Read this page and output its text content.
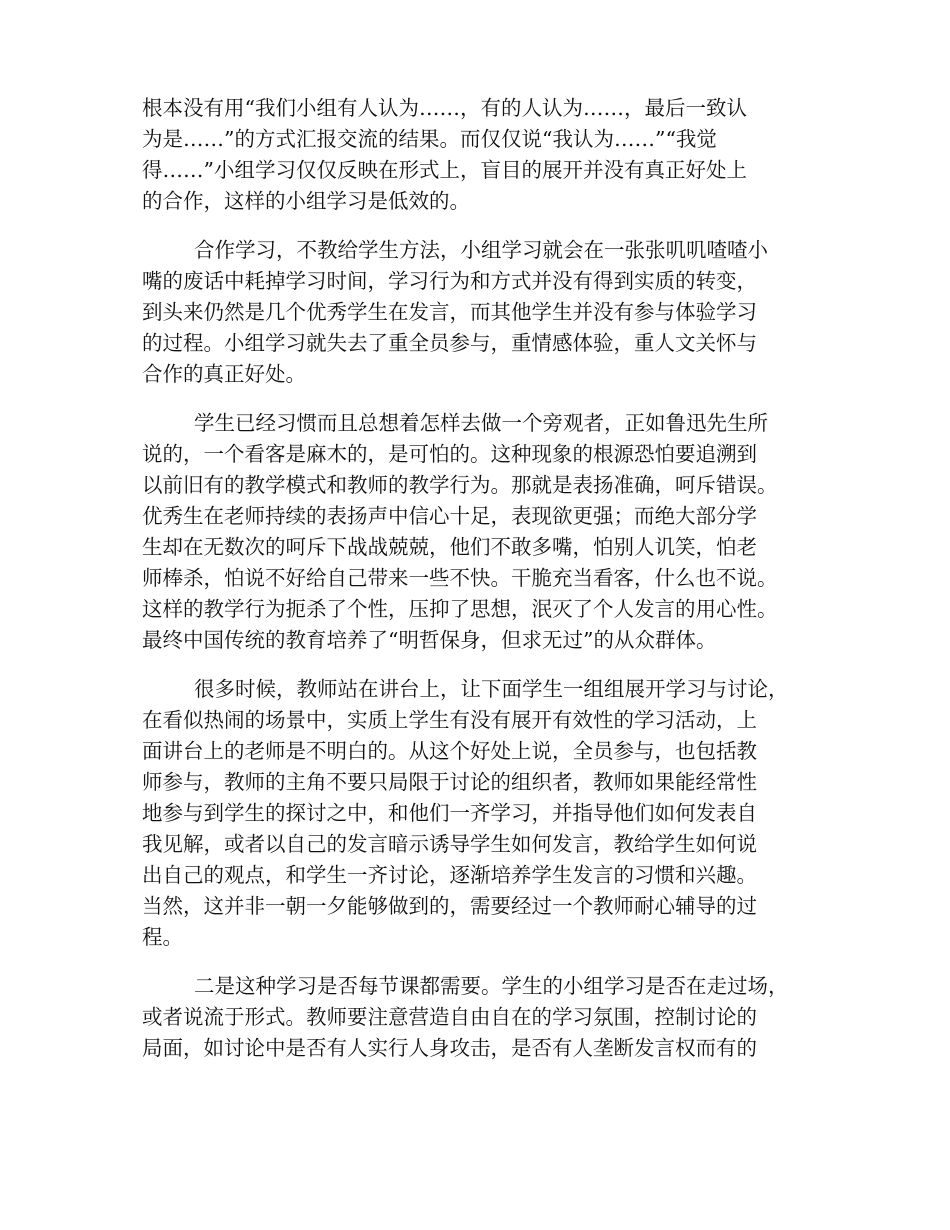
根本没有用“我们小组有人认为……，有的人认为……，最后一致认
为是……”的方式汇报交流的结果。而仅仅说“我认为……”“我觉
得……”小组学习仅仅反映在形式上，盲目的展开并没有真正好处上
的合作，这样的小组学习是低效的。
合作学习，不教给学生方法，小组学习就会在一张张叽叽喳喳小
嘴的废话中耗掉学习时间，学习行为和方式并没有得到实质的转变，
到头来仍然是几个优秀学生在发言，而其他学生并没有参与体验学习
的过程。小组学习就失去了重全员参与，重情感体验，重人文关怀与
合作的真正好处。
学生已经习惯而且总想着怎样去做一个旁观者，正如鲁迅先生所
说的，一个看客是麻木的，是可怕的。这种现象的根源恐怕要追溯到
以前旧有的教学模式和教师的教学行为。那就是表扬准确，呵斥错误。
优秀生在老师持续的表扬声中信心十足，表现欲更强；而绝大部分学
生却在无数次的呵斥下战战兢兢，他们不敢多嘴，怕别人讥笑，怕老
师棒杀，怕说不好给自己带来一些不快。干脆充当看客，什么也不说。
这样的教学行为扼杀了个性，压抑了思想，泯灭了个人发言的用心性。
最终中国传统的教育培养了“明哲保身，但求无过”的从众群体。
很多时候，教师站在讲台上，让下面学生一组组展开学习与讨论，
在看似热闹的场景中，实质上学生有没有展开有效性的学习活动，上
面讲台上的老师是不明白的。从这个好处上说，全员参与，也包括教
师参与，教师的主角不要只局限于讨论的组织者，教师如果能经常性
地参与到学生的探讨之中，和他们一齐学习，并指导他们如何发表自
我见解，或者以自己的发言暗示诱导学生如何发言，教给学生如何说
出自己的观点，和学生一齐讨论，逐渐培养学生发言的习惯和兴趣。
当然，这并非一朝一夕能够做到的，需要经过一个教师耐心辅导的过
程。
二是这种学习是否每节课都需要。学生的小组学习是否在走过场，
或者说流于形式。教师要注意营造自由自在的学习氛围，控制讨论的
局面，如讨论中是否有人实行人身攻击，是否有人垄断发言权而有的
